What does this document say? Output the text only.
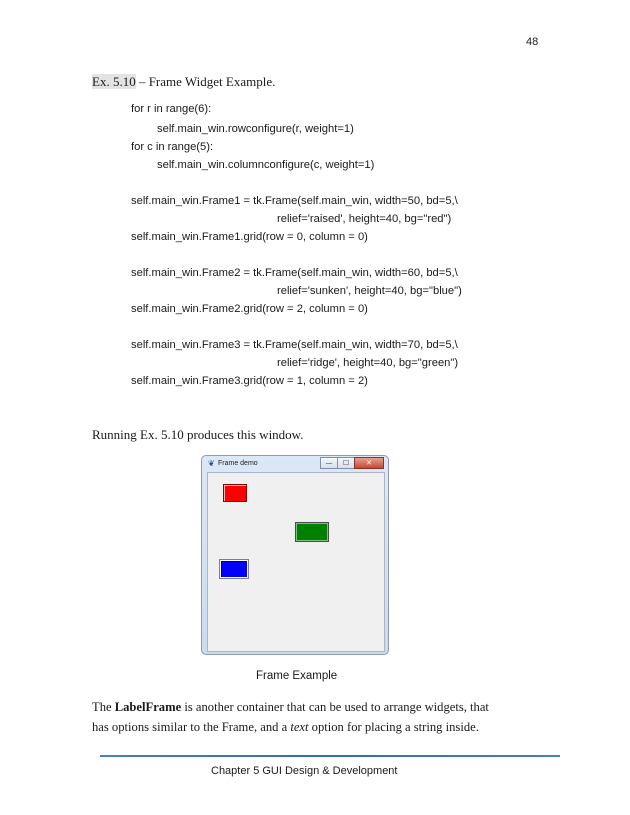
48
Ex. 5.10 – Frame Widget Example.
for r in range(6):
self.main_win.rowconfigure(r, weight=1)
for c in range(5):
self.main_win.columnconfigure(c, weight=1)
self.main_win.Frame1 = tk.Frame(self.main_win, width=50, bd=5,\
relief='raised', height=40, bg="red")
self.main_win.Frame1.grid(row = 0, column = 0)
self.main_win.Frame2 = tk.Frame(self.main_win, width=60, bd=5,\
relief='sunken', height=40, bg="blue")
self.main_win.Frame2.grid(row = 2, column = 0)
self.main_win.Frame3 = tk.Frame(self.main_win, width=70, bd=5,\
relief='ridge', height=40, bg="green")
self.main_win.Frame3.grid(row = 1, column = 2)
Running Ex. 5.10 produces this window.
❦ Frame demo	—	☐	✕
Frame Example
The LabelFrame is another container that can be used to arrange widgets, that
has options similar to the Frame, and a text option for placing a string inside.
Chapter 5 GUI Design & Development
